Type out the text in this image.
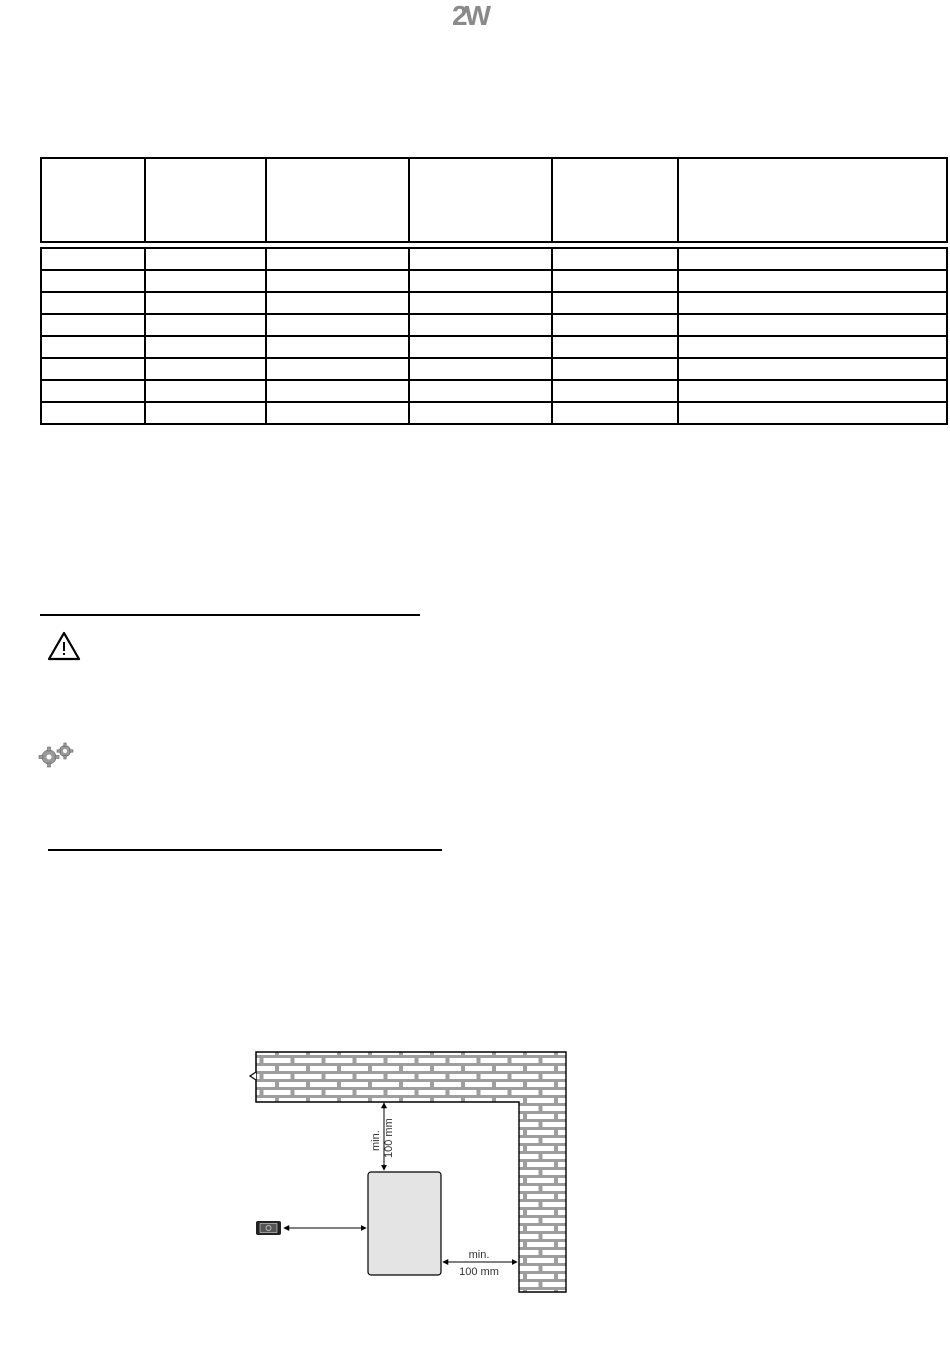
2W

min. 100 mm
min.
100 mm
